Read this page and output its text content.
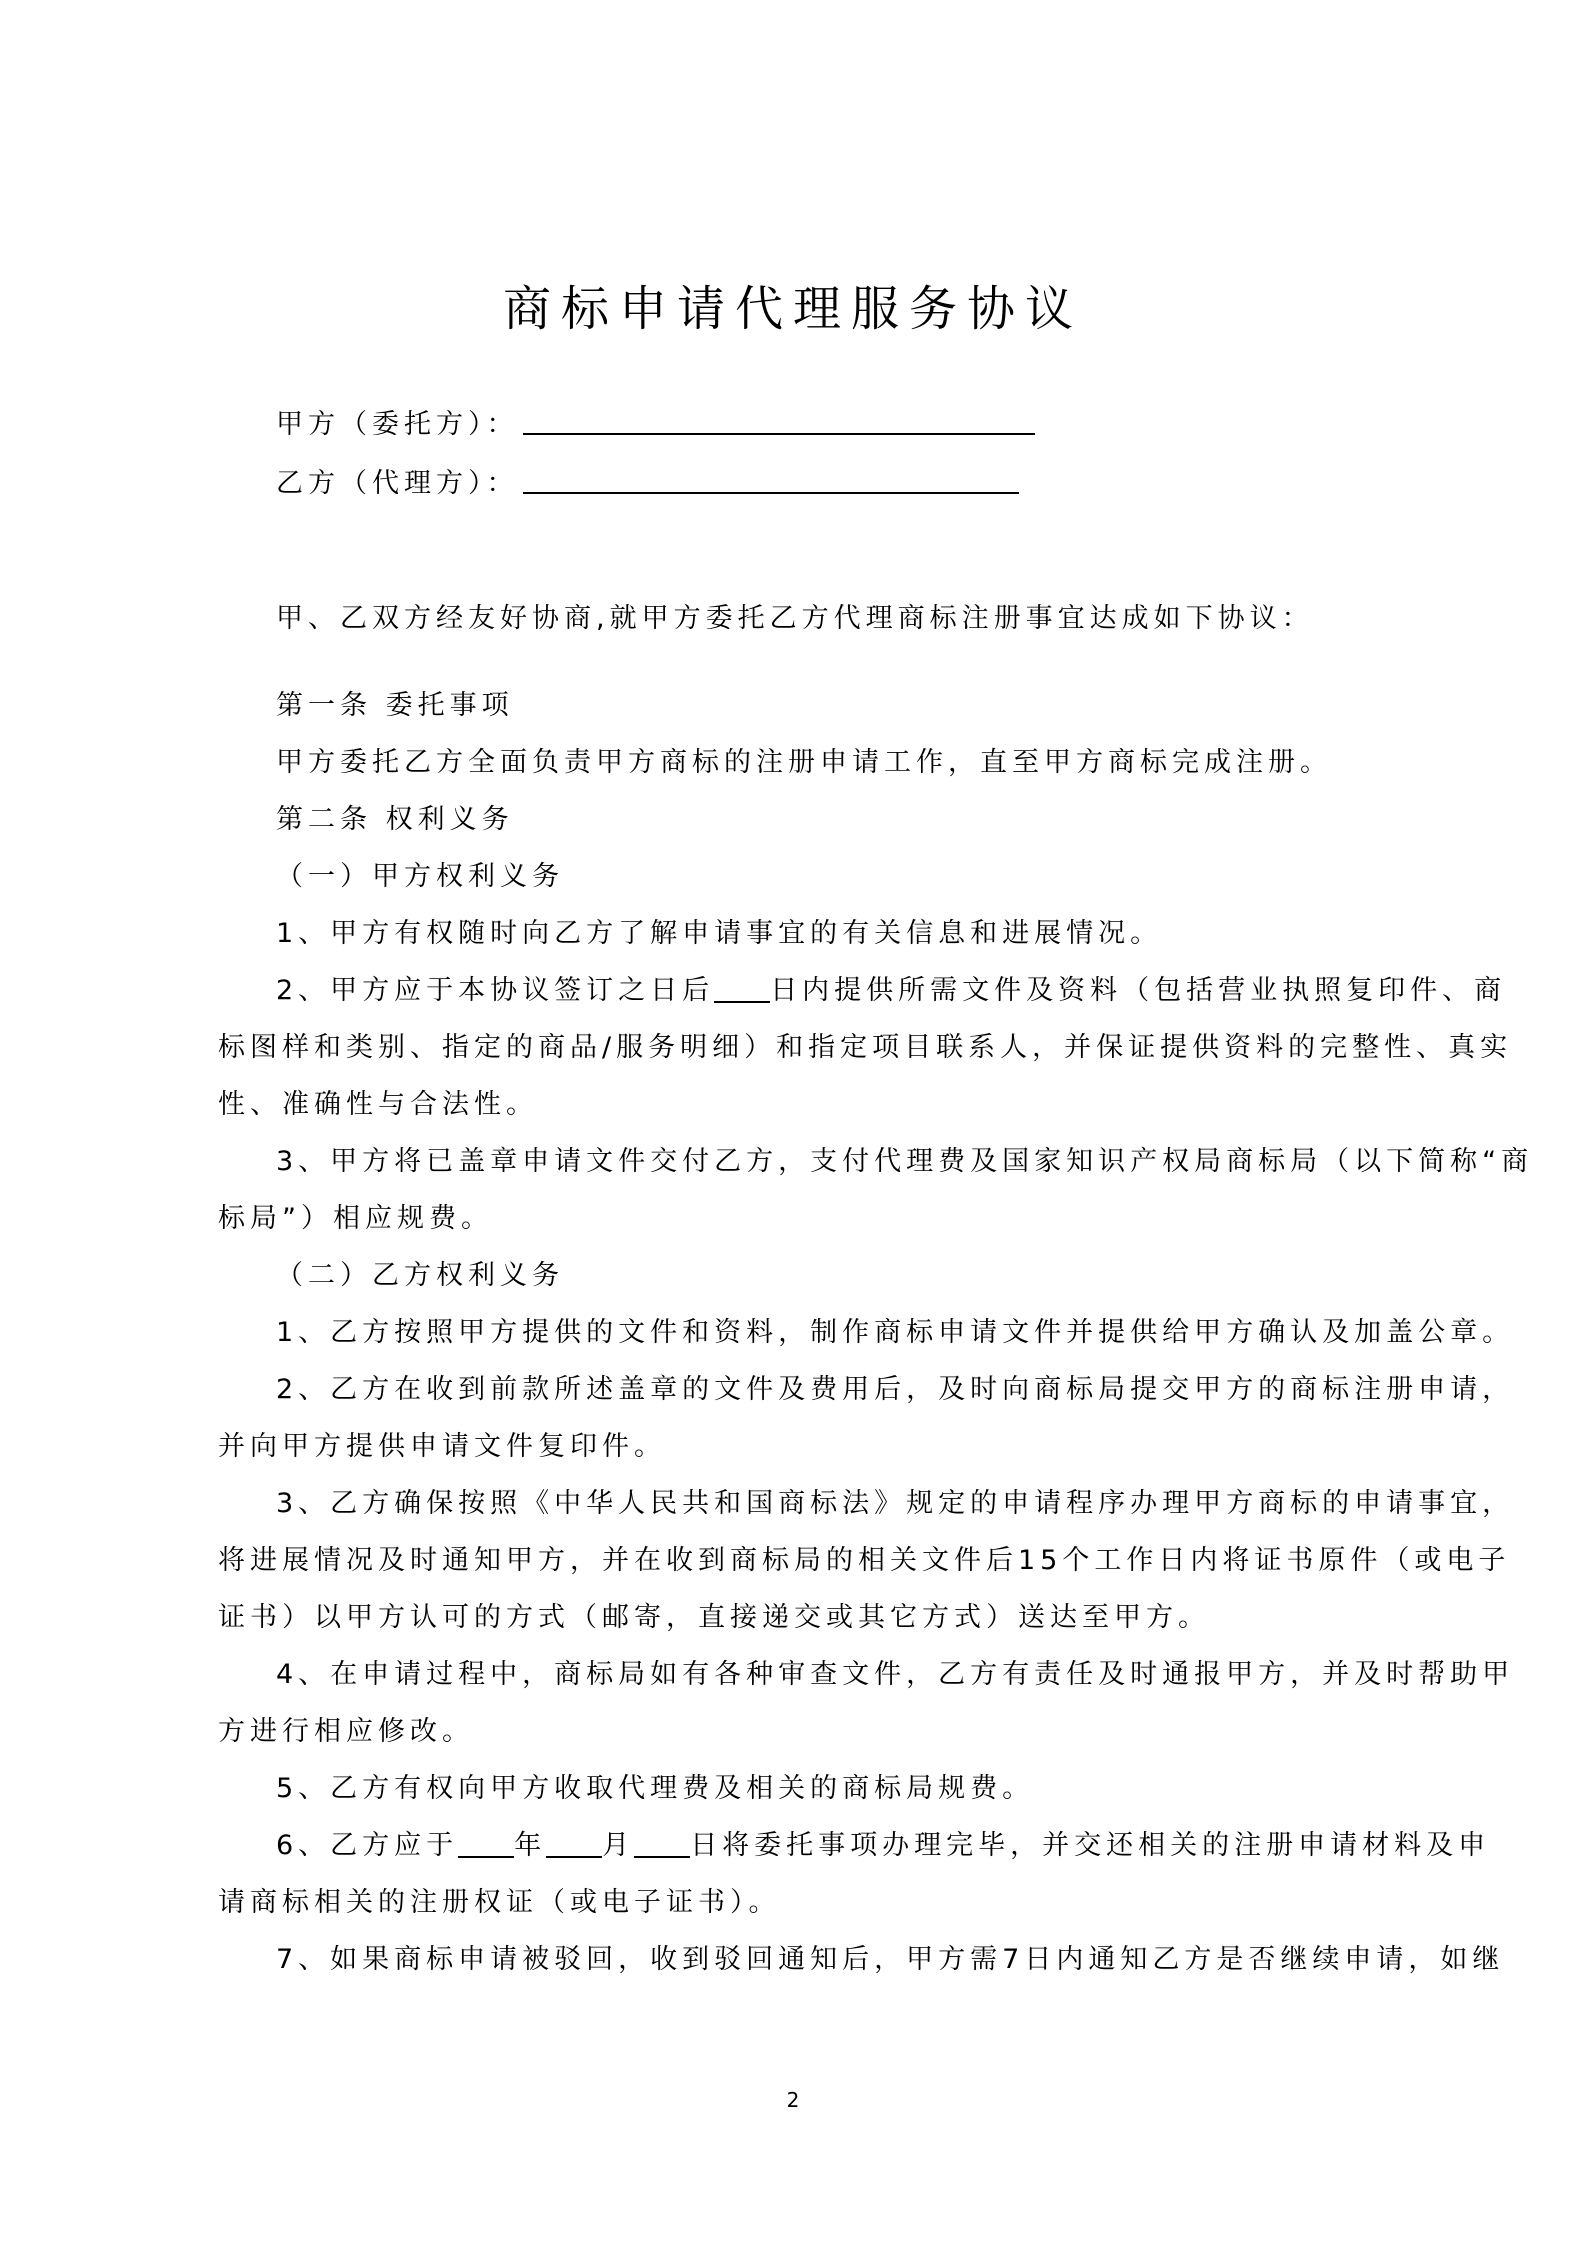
商标申请代理服务协议
甲方（委托方）：
乙方（代理方）：

甲、乙双方经友好协商,就甲方委托乙方代理商标注册事宜达成如下协议：

第一条 委托事项

甲方委托乙方全面负责甲方商标的注册申请工作，直至甲方商标完成注册。

第二条 权利义务

（一）甲方权利义务

1、甲方有权随时向乙方了解申请事宜的有关信息和进展情况。

2、甲方应于本协议签订之日后 日内提供所需文件及资料（包括营业执照复印件、商

标图样和类别、指定的商品/服务明细）和指定项目联系人，并保证提供资料的完整性、真实

性、准确性与合法性。

3、甲方将已盖章申请文件交付乙方，支付代理费及国家知识产权局商标局（以下简称“商

标局”）相应规费。

（二）乙方权利义务

1、乙方按照甲方提供的文件和资料，制作商标申请文件并提供给甲方确认及加盖公章。

2、乙方在收到前款所述盖章的文件及费用后，及时向商标局提交甲方的商标注册申请，

并向甲方提供申请文件复印件。

3、乙方确保按照《中华人民共和国商标法》规定的申请程序办理甲方商标的申请事宜，

将进展情况及时通知甲方，并在收到商标局的相关文件后15个工作日内将证书原件（或电子

证书）以甲方认可的方式（邮寄，直接递交或其它方式）送达至甲方。

4、在申请过程中，商标局如有各种审查文件，乙方有责任及时通报甲方，并及时帮助甲

方进行相应修改。

5、乙方有权向甲方收取代理费及相关的商标局规费。

6、乙方应于 年 月 日将委托事项办理完毕，并交还相关的注册申请材料及申

请商标相关的注册权证（或电子证书）。

7、如果商标申请被驳回，收到驳回通知后，甲方需7日内通知乙方是否继续申请，如继

2
